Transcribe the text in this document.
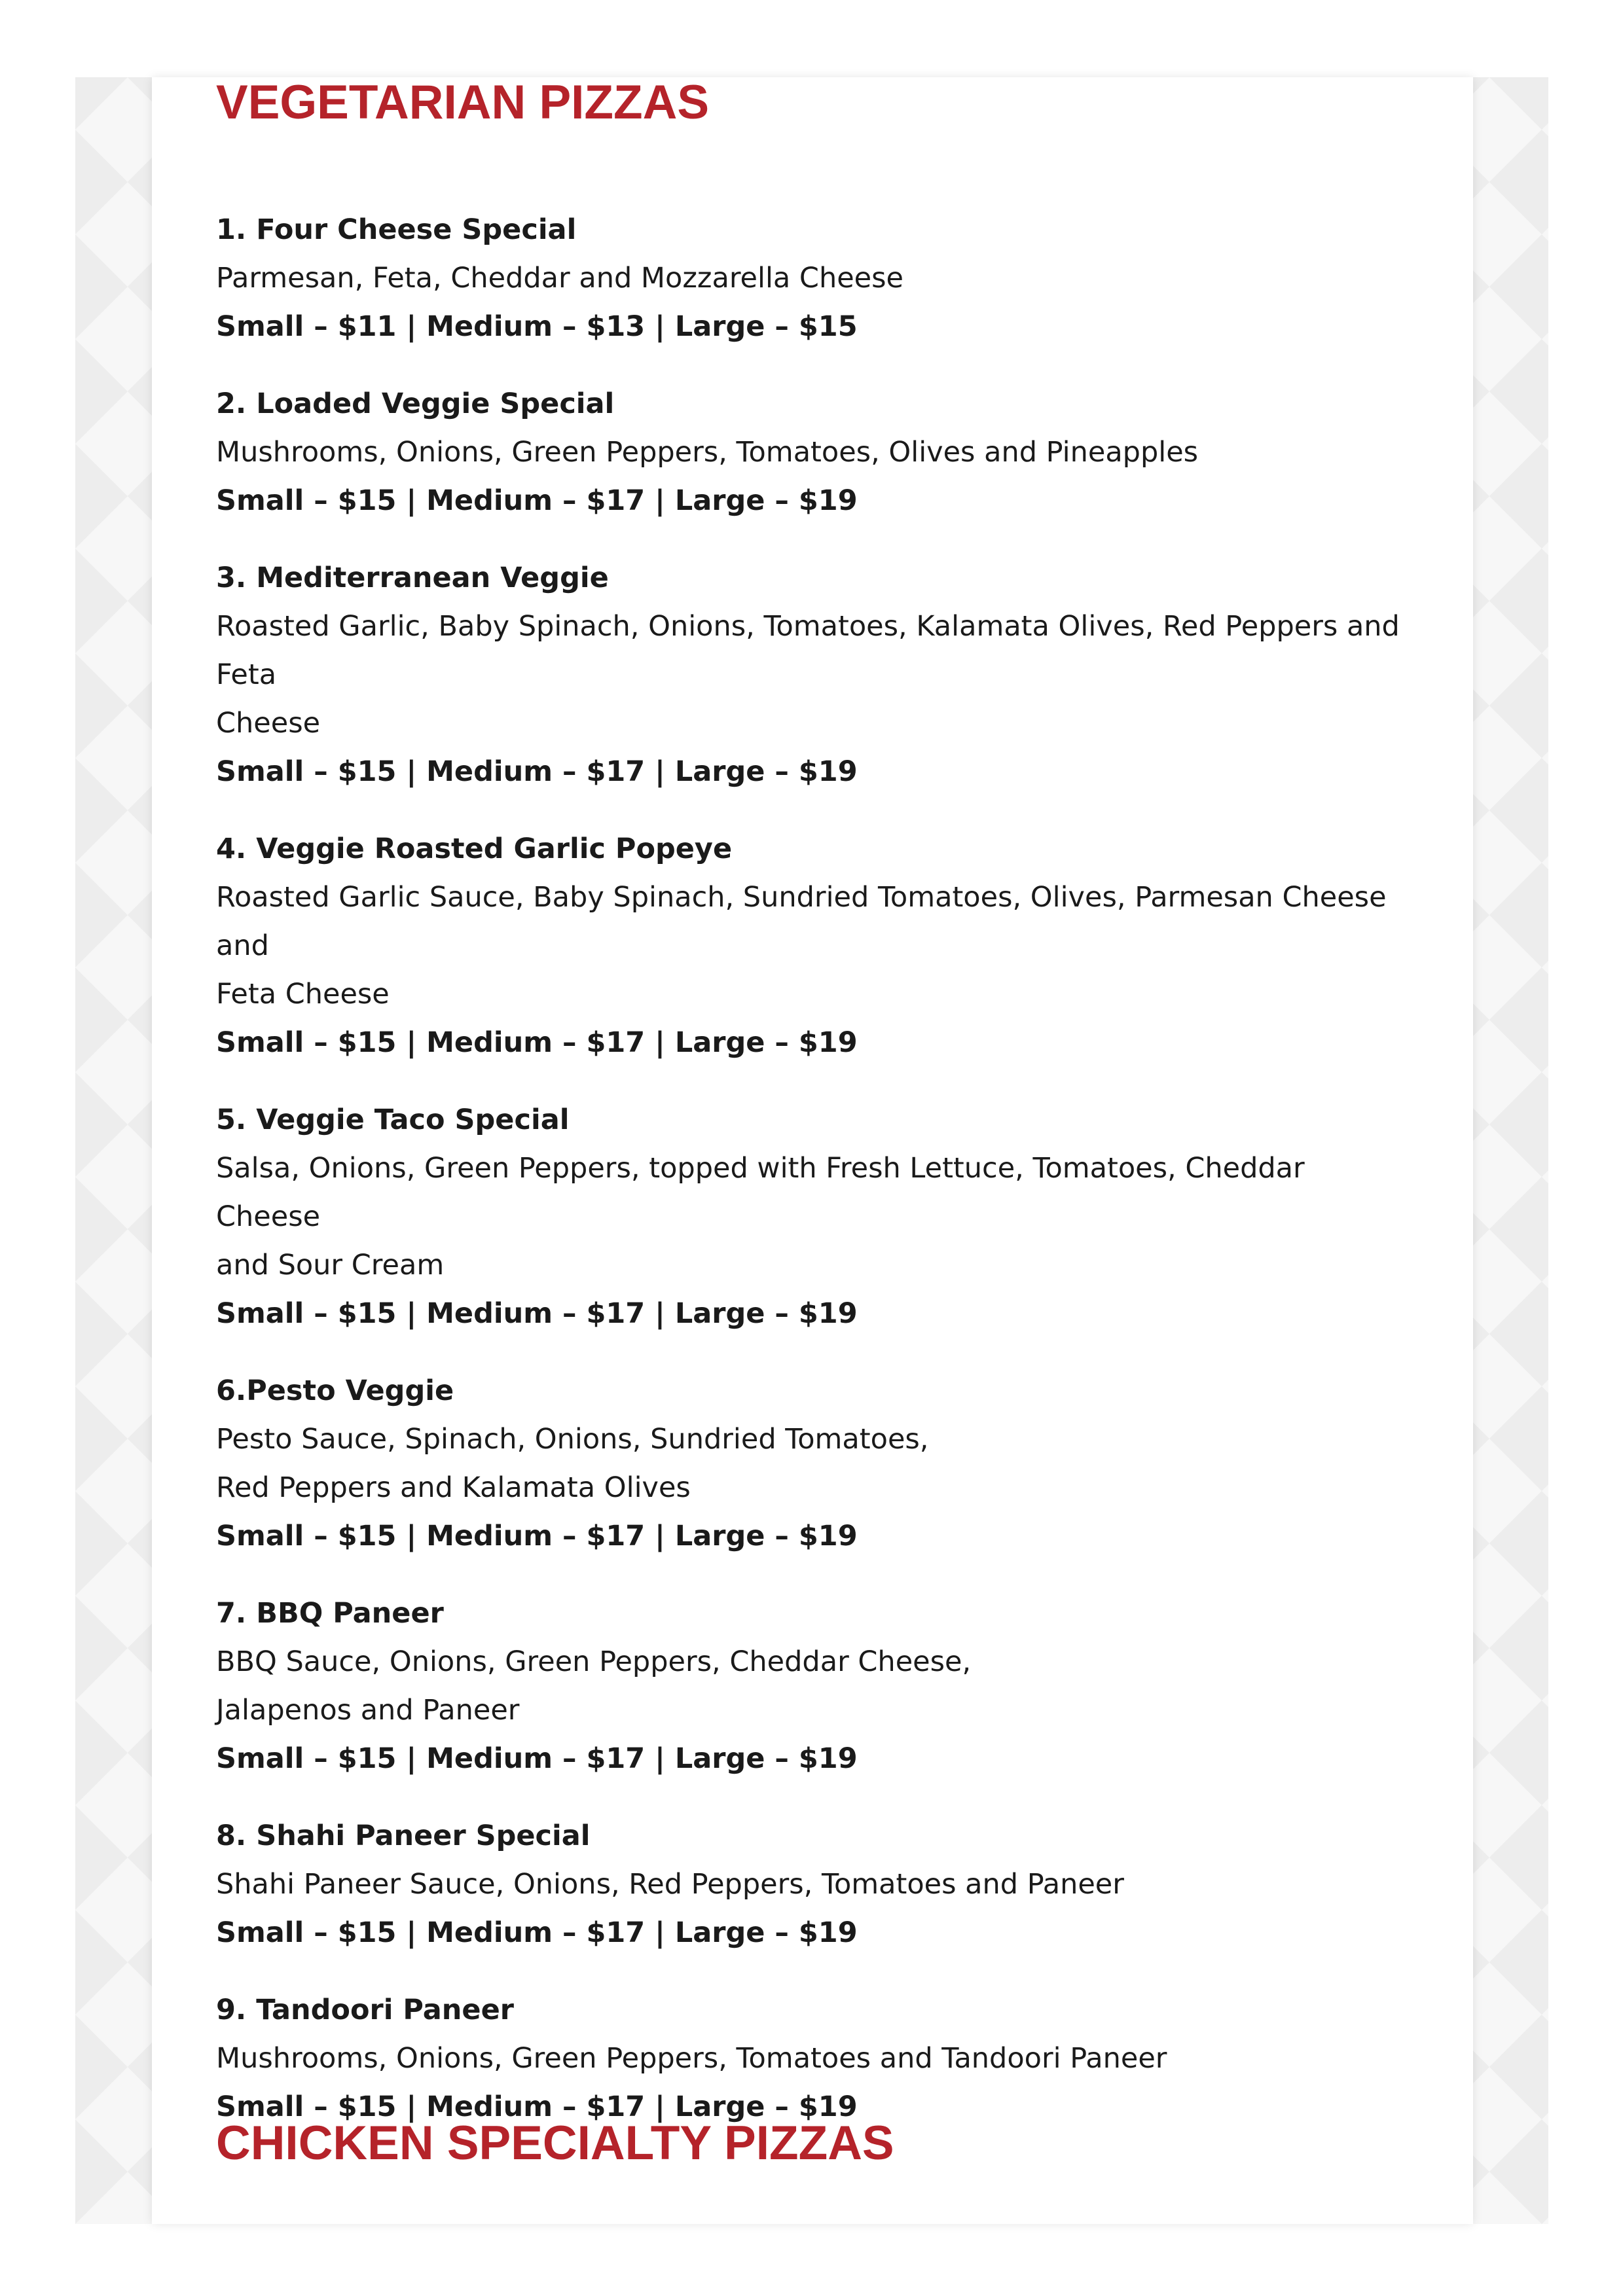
VEGETARIAN PIZZAS
1. Four Cheese Special
Parmesan, Feta, Cheddar and Mozzarella Cheese
Small – $11 | Medium – $13 | Large – $15
2. Loaded Veggie Special
Mushrooms, Onions, Green Peppers, Tomatoes, Olives and Pineapples
Small – $15 | Medium – $17 | Large – $19
3. Mediterranean Veggie
Roasted Garlic, Baby Spinach, Onions, Tomatoes, Kalamata Olives, Red Peppers and Feta
Cheese
Small – $15 | Medium – $17 | Large – $19
4. Veggie Roasted Garlic Popeye
Roasted Garlic Sauce, Baby Spinach, Sundried Tomatoes, Olives, Parmesan Cheese and
Feta Cheese
Small – $15 | Medium – $17 | Large – $19
5. Veggie Taco Special
Salsa, Onions, Green Peppers, topped with Fresh Lettuce, Tomatoes, Cheddar Cheese
and Sour Cream
Small – $15 | Medium – $17 | Large – $19
6.Pesto Veggie
Pesto Sauce, Spinach, Onions, Sundried Tomatoes,
Red Peppers and Kalamata Olives
Small – $15 | Medium – $17 | Large – $19
7. BBQ Paneer
BBQ Sauce, Onions, Green Peppers, Cheddar Cheese,
Jalapenos and Paneer
Small – $15 | Medium – $17 | Large – $19
8. Shahi Paneer Special
Shahi Paneer Sauce, Onions, Red Peppers, Tomatoes and Paneer
Small – $15 | Medium – $17 | Large – $19
9. Tandoori Paneer
Mushrooms, Onions, Green Peppers, Tomatoes and Tandoori Paneer
Small – $15 | Medium – $17 | Large – $19
CHICKEN SPECIALTY PIZZAS
